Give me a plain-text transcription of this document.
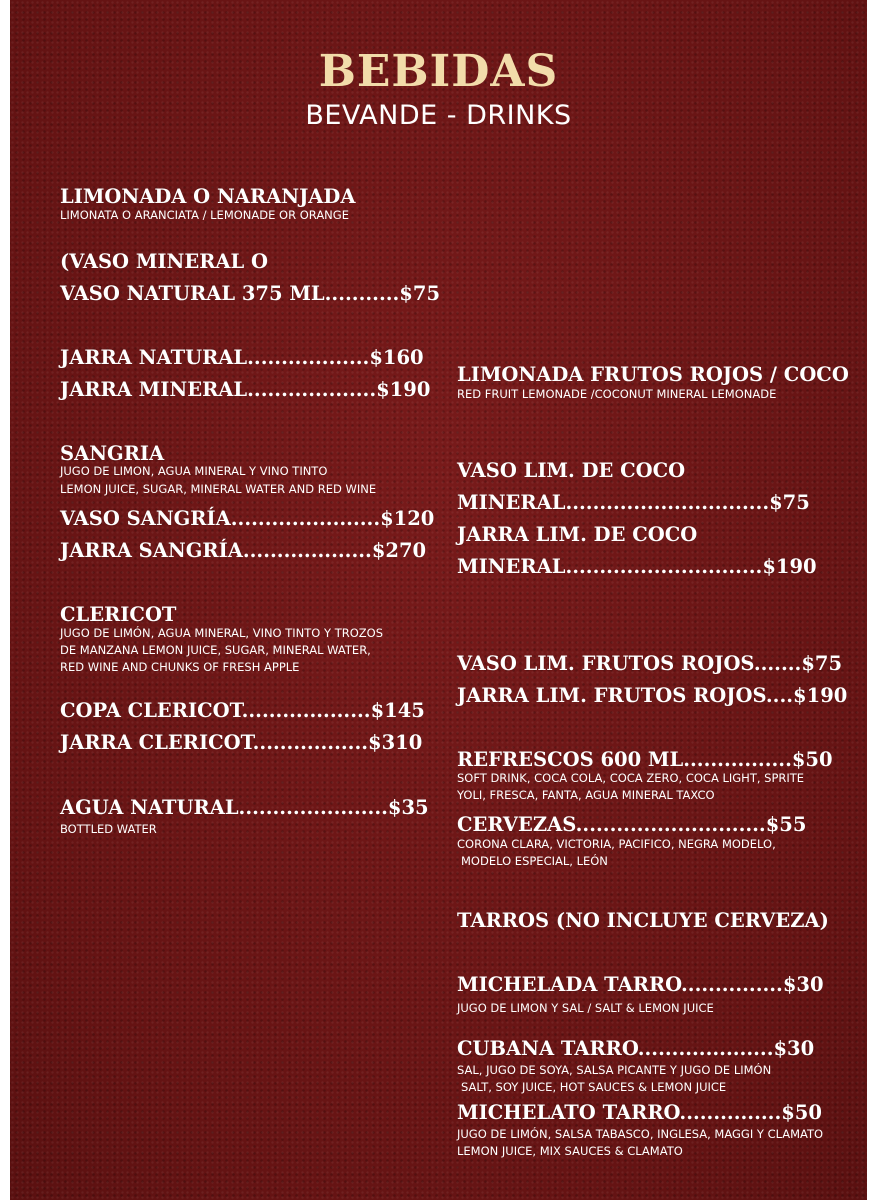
BEBIDAS
BEVANDE - DRINKS
LIMONADA O NARANJADA
LIMONATA O ARANCIATA / LEMONADE OR ORANGE
(VASO MINERAL O
VASO NATURAL 375 ML...........$75
JARRA NATURAL..................$160
JARRA MINERAL...................$190
SANGRIA
JUGO DE LIMON, AGUA MINERAL Y VINO TINTO
LEMON JUICE, SUGAR, MINERAL WATER AND RED WINE
VASO SANGRÍA......................$120
JARRA SANGRÍA...................$270
CLERICOT
JUGO DE LIMÓN, AGUA MINERAL, VINO TINTO Y TROZOS
DE MANZANA LEMON JUICE, SUGAR, MINERAL WATER,
RED WINE AND CHUNKS OF FRESH APPLE
COPA CLERICOT...................$145
JARRA CLERICOT.................$310
AGUA NATURAL......................$35
BOTTLED WATER
LIMONADA FRUTOS ROJOS / COCO
RED FRUIT LEMONADE /COCONUT MINERAL LEMONADE
VASO LIM. DE COCO
MINERAL..............................$75
JARRA LIM. DE COCO
MINERAL.............................$190
VASO LIM. FRUTOS ROJOS.......$75
JARRA LIM. FRUTOS ROJOS....$190
REFRESCOS 600 ML................$50
SOFT DRINK, COCA COLA, COCA ZERO, COCA LIGHT, SPRITE
YOLI, FRESCA, FANTA, AGUA MINERAL TAXCO
CERVEZAS............................$55
CORONA CLARA, VICTORIA, PACIFICO, NEGRA MODELO,
MODELO ESPECIAL, LEÓN
TARROS (NO INCLUYE CERVEZA)
MICHELADA TARRO...............$30
JUGO DE LIMON Y SAL / SALT & LEMON JUICE
CUBANA TARRO....................$30
SAL, JUGO DE SOYA, SALSA PICANTE Y JUGO DE LIMÓN
SALT, SOY JUICE, HOT SAUCES & LEMON JUICE
MICHELATO TARRO...............$50
JUGO DE LIMÓN, SALSA TABASCO, INGLESA, MAGGI Y CLAMATO
LEMON JUICE, MIX SAUCES & CLAMATO
